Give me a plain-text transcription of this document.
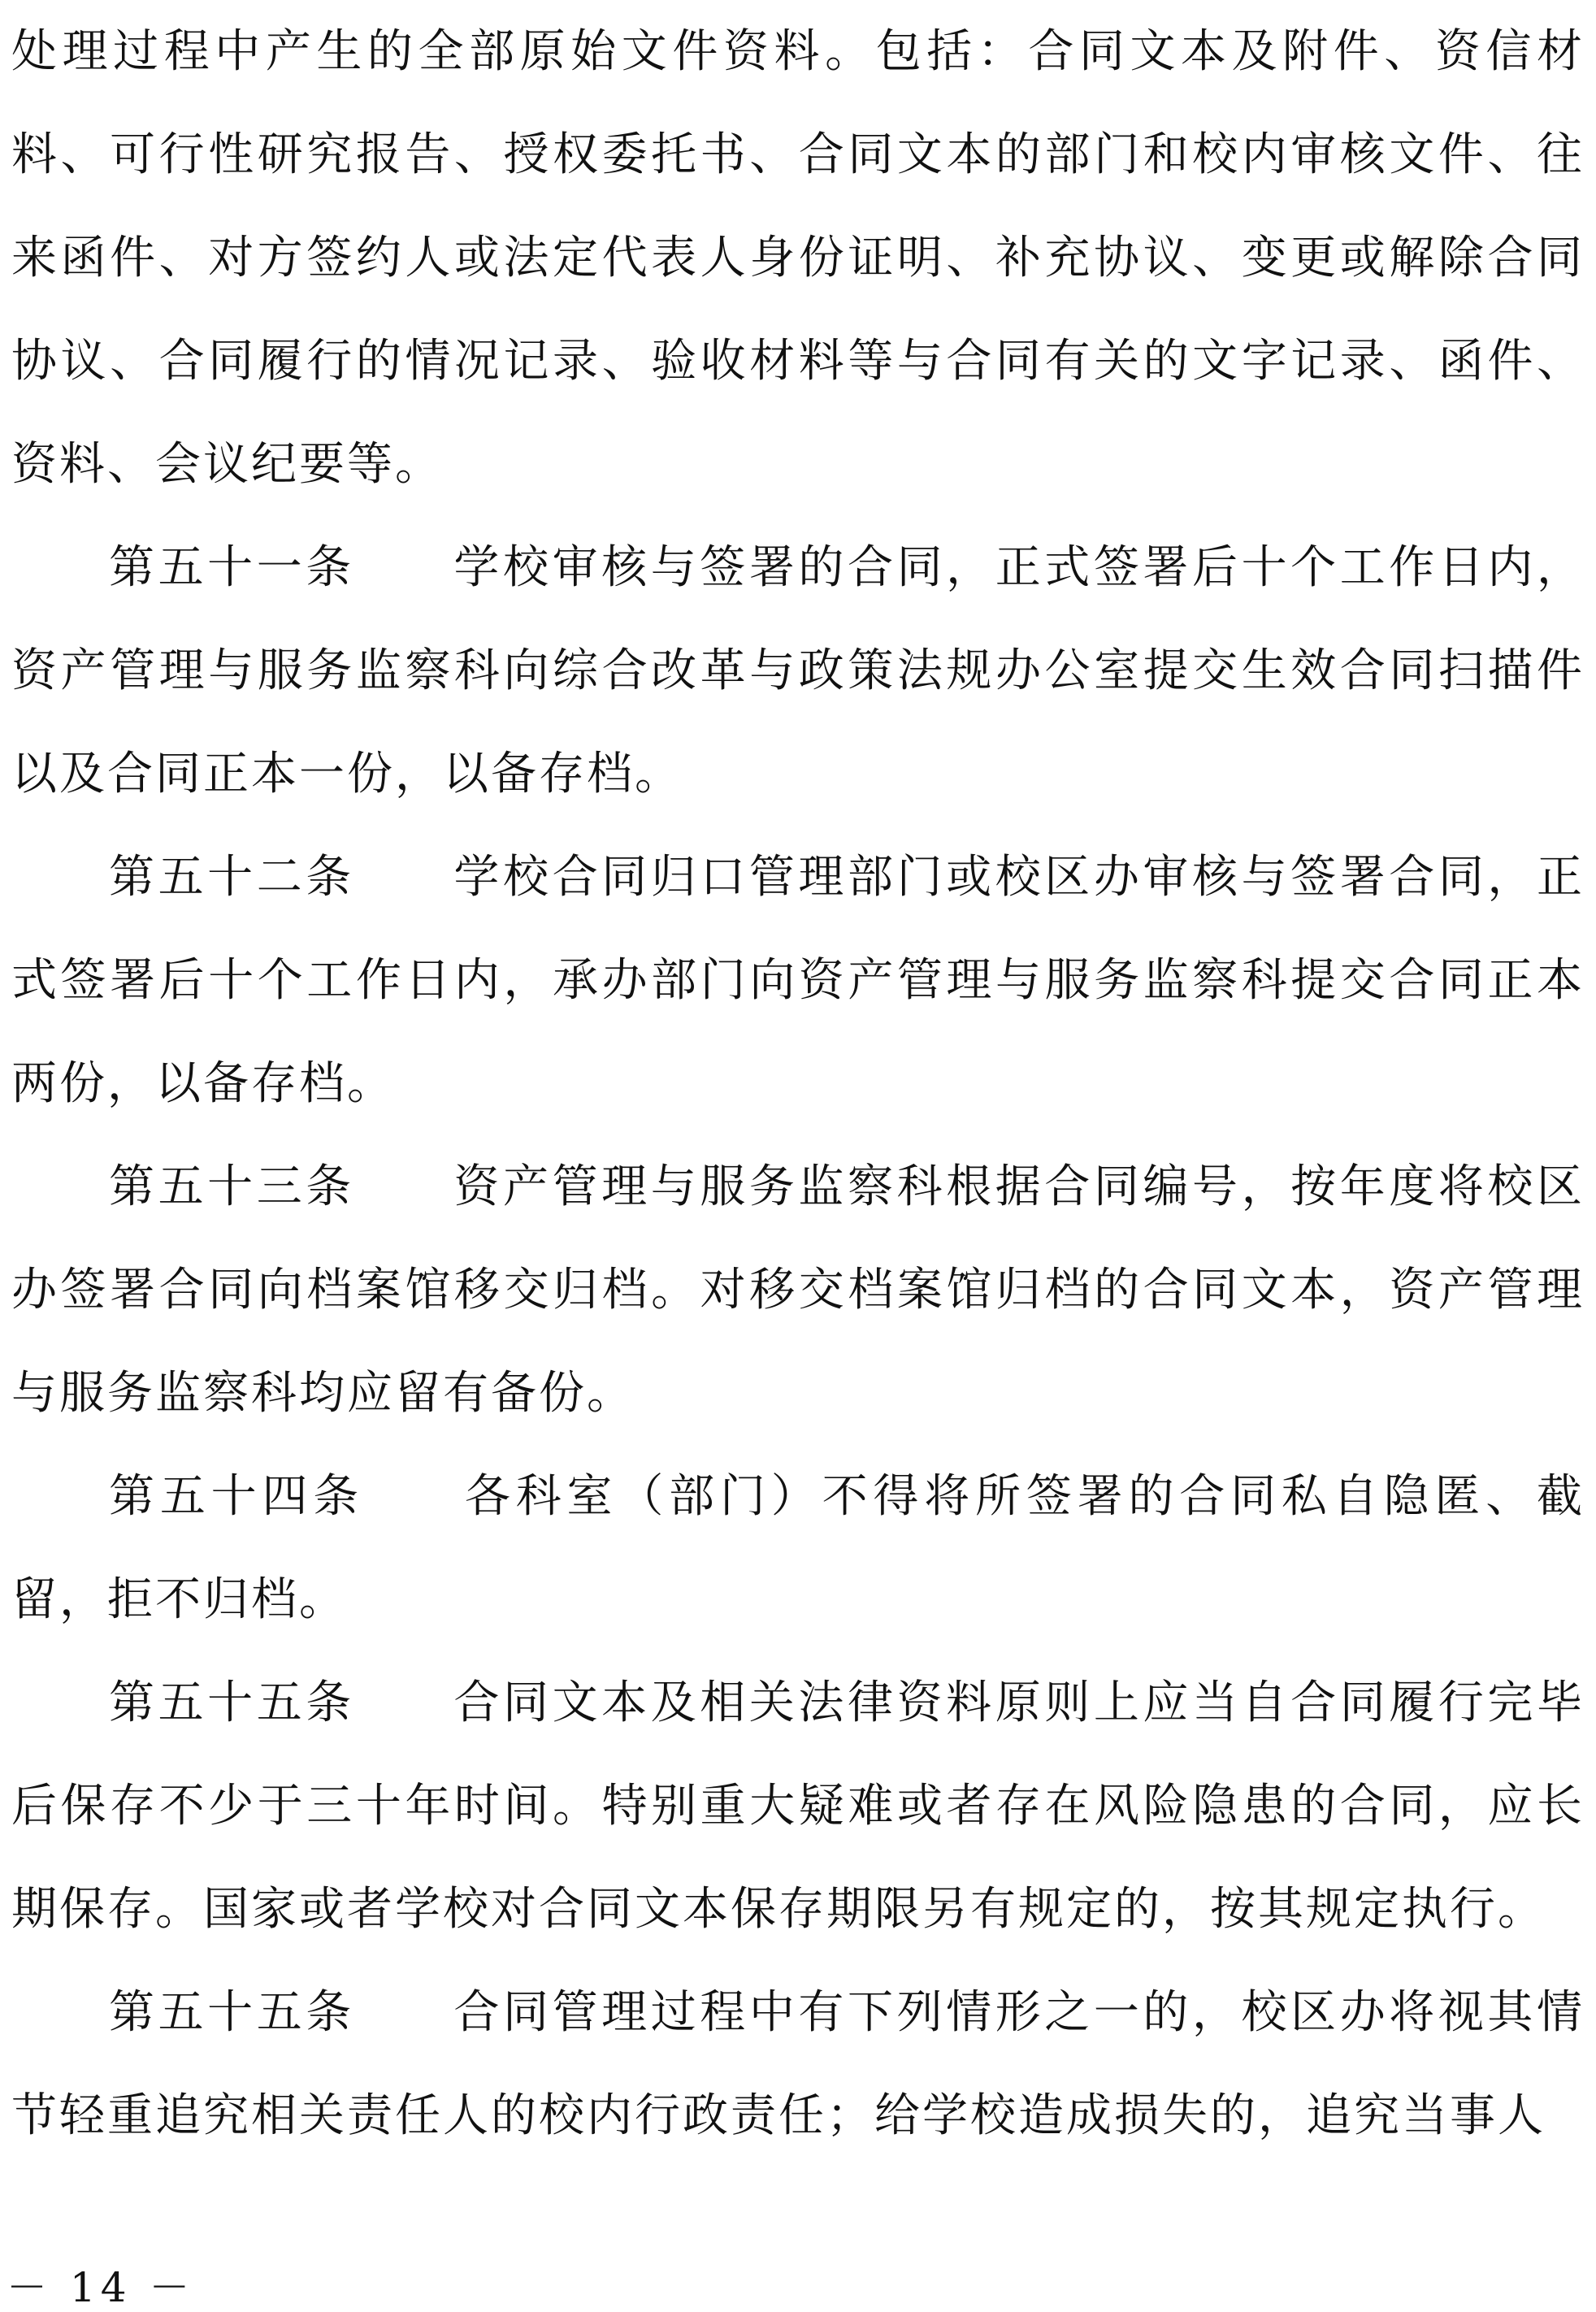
处理过程中产生的全部原始文件资料。包括：合同文本及附件、资信材料、可行性研究报告、授权委托书、合同文本的部门和校内审核文件、往来函件、对方签约人或法定代表人身份证明、补充协议、变更或解除合同协议、合同履行的情况记录、验收材料等与合同有关的文字记录、函件、资料、会议纪要等。

第五十一条 学校审核与签署的合同，正式签署后十个工作日内，资产管理与服务监察科向综合改革与政策法规办公室提交生效合同扫描件以及合同正本一份，以备存档。

第五十二条 学校合同归口管理部门或校区办审核与签署合同，正式签署后十个工作日内，承办部门向资产管理与服务监察科提交合同正本两份，以备存档。

第五十三条 资产管理与服务监察科根据合同编号，按年度将校区办签署合同向档案馆移交归档。对移交档案馆归档的合同文本，资产管理与服务监察科均应留有备份。

第五十四条 各科室（部门）不得将所签署的合同私自隐匿、截留，拒不归档。

第五十五条 合同文本及相关法律资料原则上应当自合同履行完毕后保存不少于三十年时间。特别重大疑难或者存在风险隐患的合同，应长期保存。国家或者学校对合同文本保存期限另有规定的，按其规定执行。

第五十五条 合同管理过程中有下列情形之一的，校区办将视其情节轻重追究相关责任人的校内行政责任；给学校造成损失的，追究当事人

－ 14 －
